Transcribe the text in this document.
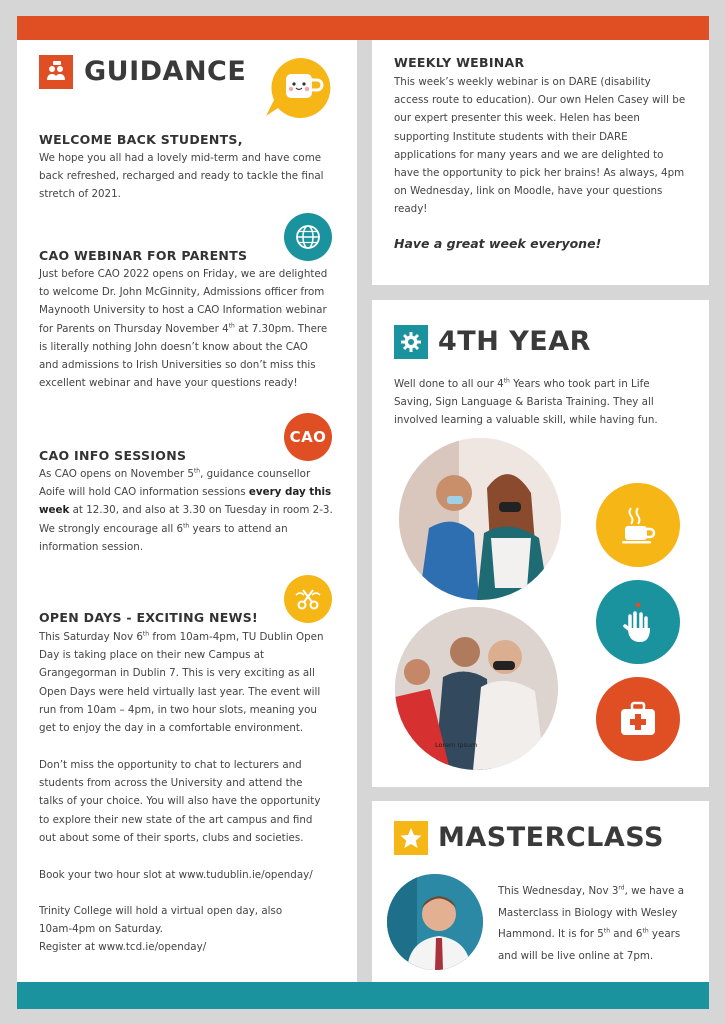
GUIDANCE
WELCOME BACK STUDENTS,
We hope you all had a lovely mid-term and have come
back refreshed, recharged and ready to tackle the final
stretch of 2021.
CAO WEBINAR FOR PARENTS
Just before CAO 2022 opens on Friday, we are delighted
to welcome Dr. John McGinnity, Admissions officer from
Maynooth University to host a CAO Information webinar
for Parents on Thursday November 4th at 7.30pm. There
is literally nothing John doesn’t know about the CAO
and admissions to Irish Universities so don’t miss this
excellent webinar and have your questions ready!
CAO
CAO INFO SESSIONS
As CAO opens on November 5th, guidance counsellor
Aoife will hold CAO information sessions every day this
week at 12.30, and also at 3.30 on Tuesday in room 2-3.
We strongly encourage all 6th years to attend an
information session.
OPEN DAYS - EXCITING NEWS!
This Saturday Nov 6th from 10am-4pm, TU Dublin Open
Day is taking place on their new Campus at
Grangegorman in Dublin 7. This is very exciting as all
Open Days were held virtually last year. The event will
run from 10am – 4pm, in two hour slots, meaning you
get to enjoy the day in a comfortable environment.
Don’t miss the opportunity to chat to lecturers and
students from across the University and attend the
talks of your choice. You will also have the opportunity
to explore their new state of the art campus and find
out about some of their sports, clubs and societies.
Book your two hour slot at www.tudublin.ie/openday/
Trinity College will hold a virtual open day, also
10am-4pm on Saturday.
Register at www.tcd.ie/openday/
WEEKLY WEBINAR
This week’s weekly webinar is on DARE (disability
access route to education). Our own Helen Casey will be
our expert presenter this week. Helen has been
supporting Institute students with their DARE
applications for many years and we are delighted to
have the opportunity to pick her brains! As always, 4pm
on Wednesday, link on Moodle, have your questions
ready!
Have a great week everyone!
4TH YEAR
Well done to all our 4th Years who took part in Life
Saving, Sign Language & Barista Training. They all
involved learning a valuable skill, while having fun.
Lorem Ipsum
MASTERCLASS
This Wednesday, Nov 3rd, we have a
Masterclass in Biology with Wesley
Hammond. It is for 5th and 6th years
and will be live online at 7pm.
